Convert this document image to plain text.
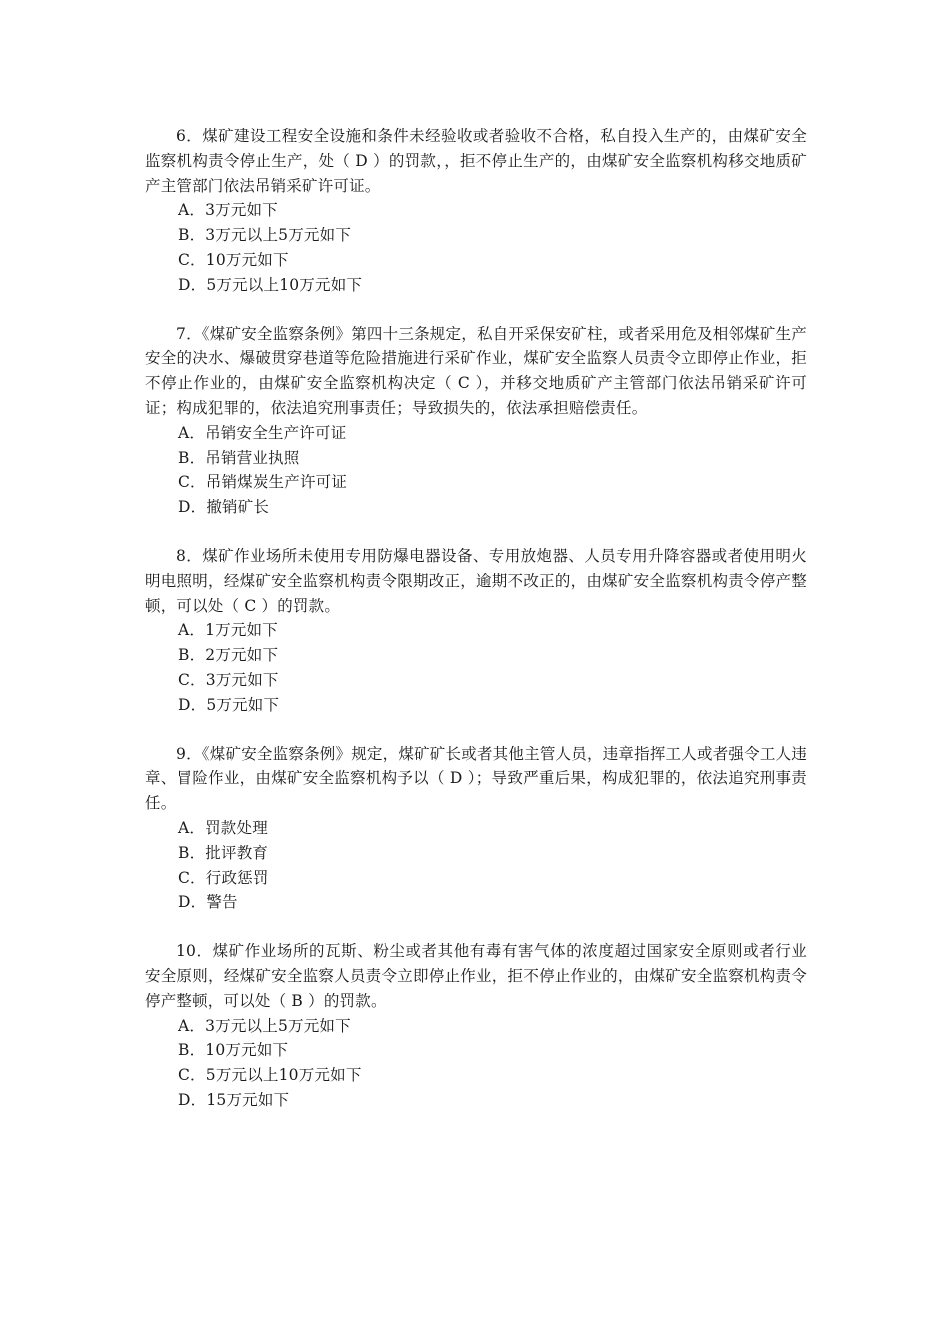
6．煤矿建设工程安全设施和条件未经验收或者验收不合格，私自投入生产的，由煤矿安全监察机构责令停止生产，处（ D ）的罚款，，拒不停止生产的，由煤矿安全监察机构移交地质矿产主管部门依法吊销采矿许可证。

A．3万元如下
B．3万元以上5万元如下
C．10万元如下
D．5万元以上10万元如下

7．《煤矿安全监察条例》第四十三条规定，私自开采保安矿柱，或者采用危及相邻煤矿生产安全的决水、爆破贯穿巷道等危险措施进行采矿作业，煤矿安全监察人员责令立即停止作业，拒不停止作业的，由煤矿安全监察机构决定（ C ），并移交地质矿产主管部门依法吊销采矿许可证；构成犯罪的，依法追究刑事责任；导致损失的，依法承担赔偿责任。

A．吊销安全生产许可证
B．吊销营业执照
C．吊销煤炭生产许可证
D．撤销矿长

8．煤矿作业场所未使用专用防爆电器设备、专用放炮器、人员专用升降容器或者使用明火明电照明，经煤矿安全监察机构责令限期改正，逾期不改正的，由煤矿安全监察机构责令停产整顿，可以处（ C ）的罚款。

A．1万元如下
B．2万元如下
C．3万元如下
D．5万元如下

9．《煤矿安全监察条例》规定，煤矿矿长或者其他主管人员，违章指挥工人或者强令工人违章、冒险作业，由煤矿安全监察机构予以（ D ）；导致严重后果，构成犯罪的，依法追究刑事责任。

A．罚款处理
B．批评教育
C．行政惩罚
D．警告

10．煤矿作业场所的瓦斯、粉尘或者其他有毒有害气体的浓度超过国家安全原则或者行业安全原则，经煤矿安全监察人员责令立即停止作业，拒不停止作业的，由煤矿安全监察机构责令停产整顿，可以处（ B ）的罚款。

A．3万元以上5万元如下
B．10万元如下
C．5万元以上10万元如下
D．15万元如下
